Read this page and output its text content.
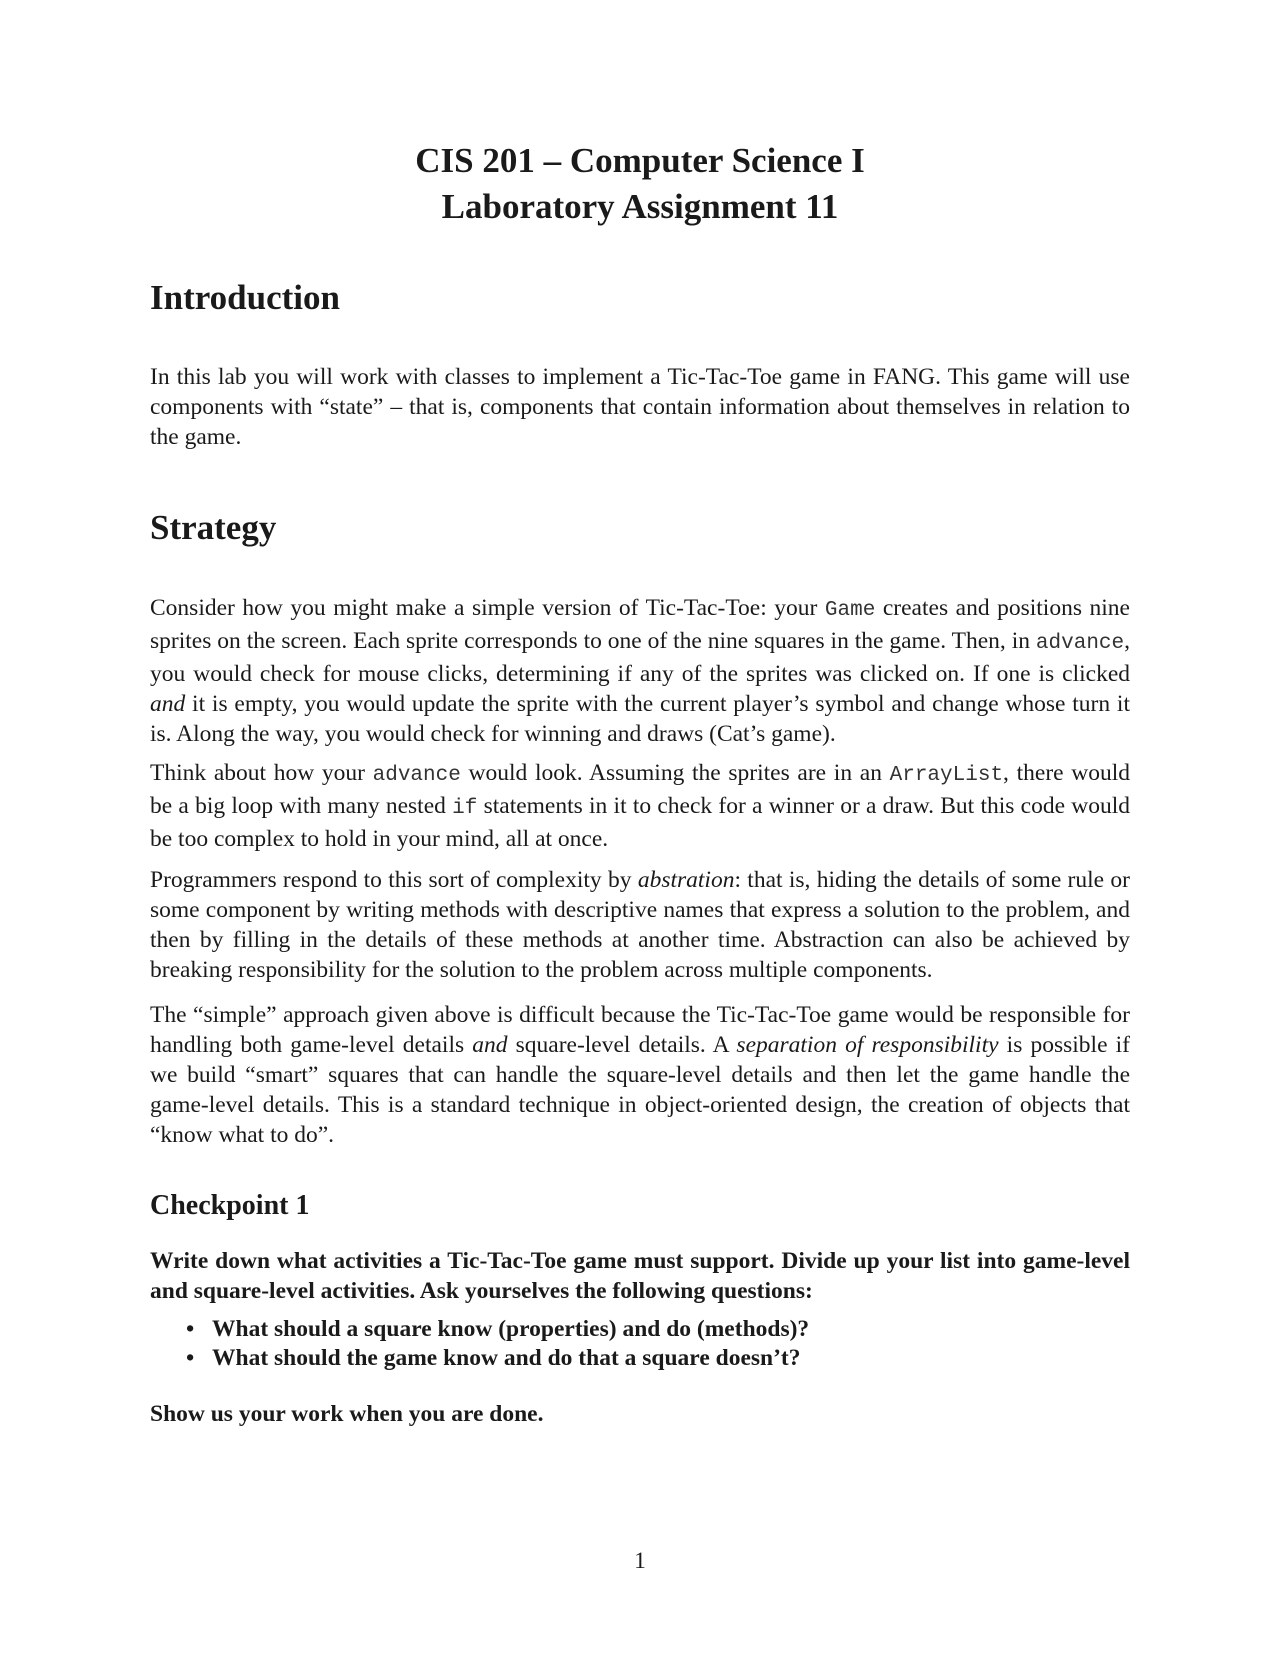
CIS 201 – Computer Science I
Laboratory Assignment 11
Introduction

In this lab you will work with classes to implement a Tic-Tac-Toe game in FANG. This game will use components with “state” – that is, components that contain information about themselves in relation to the game.

Strategy

Consider how you might make a simple version of Tic-Tac-Toe: your Game creates and positions nine sprites on the screen. Each sprite corresponds to one of the nine squares in the game. Then, in advance, you would check for mouse clicks, determining if any of the sprites was clicked on. If one is clicked and it is empty, you would update the sprite with the current player’s symbol and change whose turn it is. Along the way, you would check for winning and draws (Cat’s game).

Think about how your advance would look. Assuming the sprites are in an ArrayList, there would be a big loop with many nested if statements in it to check for a winner or a draw. But this code would be too complex to hold in your mind, all at once.

Programmers respond to this sort of complexity by abstration: that is, hiding the details of some rule or some component by writing methods with descriptive names that express a solution to the problem, and then by filling in the details of these methods at another time. Abstraction can also be achieved by breaking responsibility for the solution to the problem across multiple components.

The “simple” approach given above is difficult because the Tic-Tac-Toe game would be responsible for handling both game-level details and square-level details. A separation of responsibility is possible if we build “smart” squares that can handle the square-level details and then let the game handle the game-level details. This is a standard technique in object-oriented design, the creation of objects that “know what to do”.

Checkpoint 1

Write down what activities a Tic-Tac-Toe game must support. Divide up your list into game-level and square-level activities. Ask yourselves the following questions:

• What should a square know (properties) and do (methods)?
• What should the game know and do that a square doesn’t?

Show us your work when you are done.

1
